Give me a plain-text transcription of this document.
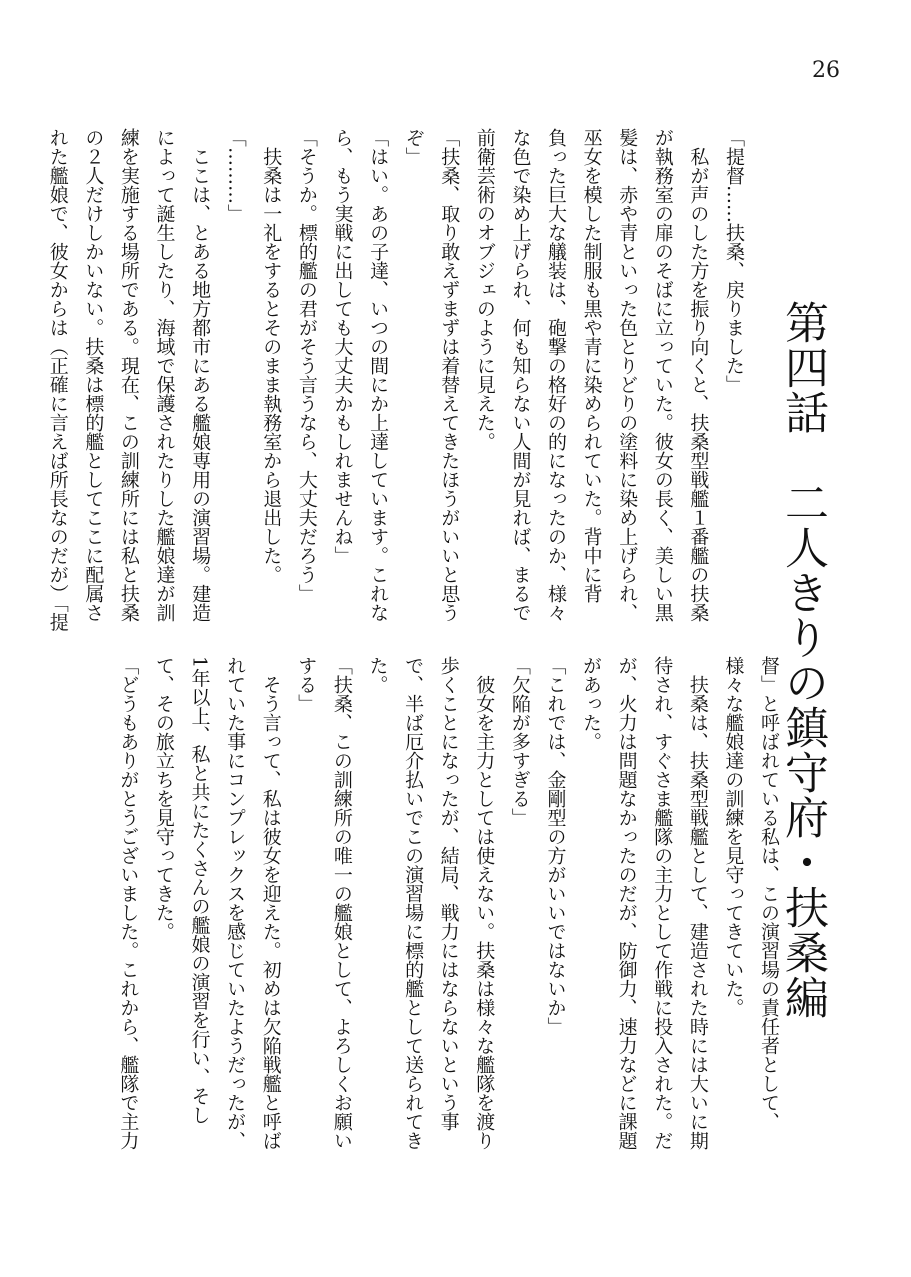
26
第四話　二人きりの鎮守府・扶桑編

「提督……扶桑、戻りました」

私が声のした方を振り向くと、扶桑型戦艦１番艦の扶桑

が執務室の扉のそばに立っていた。彼女の長く、美しい黒

髪は、赤や青といった色とりどりの塗料に染め上げられ、

巫女を模した制服も黒や青に染められていた。背中に背

負った巨大な艤装は、砲撃の格好の的になったのか、様々

な色で染め上げられ、何も知らない人間が見れば、まるで

前衛芸術のオブジェのように見えた。

「扶桑、取り敢えずまずは着替えてきたほうがいいと思う

ぞ」

「はい。あの子達、いつの間にか上達しています。これな

ら、もう実戦に出しても大丈夫かもしれませんね」

「そうか。標的艦の君がそう言うなら、大丈夫だろう」

扶桑は一礼をするとそのまま執務室から退出した。

「………」

ここは、とある地方都市にある艦娘専用の演習場。建造

によって誕生したり、海域で保護されたりした艦娘達が訓

練を実施する場所である。現在、この訓練所には私と扶桑

の２人だけしかいない。扶桑は標的艦としてここに配属さ

れた艦娘で、彼女からは（正確に言えば所長なのだが）「提

督」と呼ばれている私は、この演習場の責任者として、

様々な艦娘達の訓練を見守ってきていた。

扶桑は、扶桑型戦艦として、建造された時には大いに期

待され、すぐさま艦隊の主力として作戦に投入された。だ

が、火力は問題なかったのだが、防御力、速力などに課題

があった。

「これでは、金剛型の方がいいではないか」

「欠陥が多すぎる」

彼女を主力としては使えない。扶桑は様々な艦隊を渡り

歩くことになったが、結局、戦力にはならないという事

で、半ば厄介払いでこの演習場に標的艦として送られてき

た。

「扶桑、この訓練所の唯一の艦娘として、よろしくお願い

する」

そう言って、私は彼女を迎えた。初めは欠陥戦艦と呼ば

れていた事にコンプレックスを感じていたようだったが、

1年以上、私と共にたくさんの艦娘の演習を行い、そし

て、その旅立ちを見守ってきた。

「どうもありがとうございました。これから、艦隊で主力
